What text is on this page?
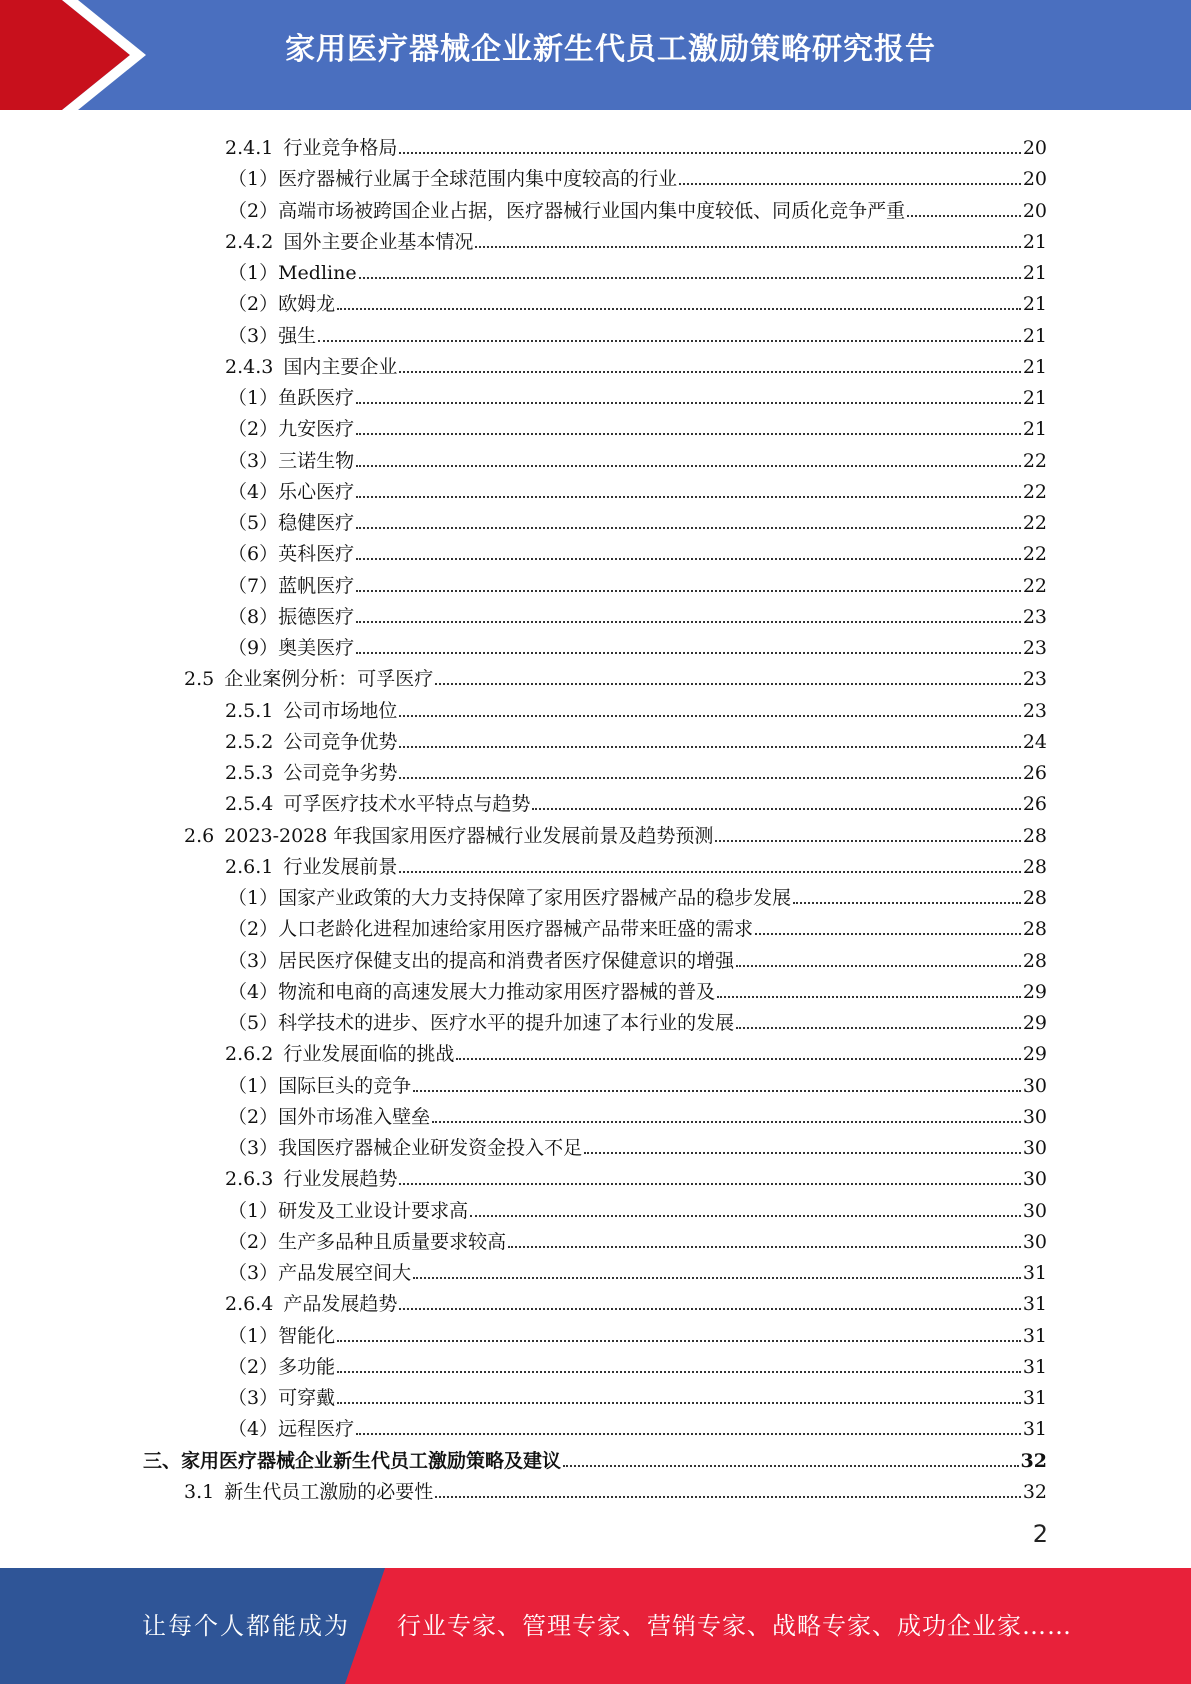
家用医疗器械企业新生代员工激励策略研究报告
2.4.1 行业竞争格局	20
（1） 医疗器械行业属于全球范围内集中度较高的行业	20
（2） 高端市场被跨国企业占据，医疗器械行业国内集中度较低、同质化竞争严重	20
2.4.2 国外主要企业基本情况	21
（1） Medline	21
（2） 欧姆龙	21
（3） 强生	21
2.4.3 国内主要企业	21
（1） 鱼跃医疗	21
（2） 九安医疗	21
（3） 三诺生物	22
（4） 乐心医疗	22
（5） 稳健医疗	22
（6） 英科医疗	22
（7） 蓝帆医疗	22
（8） 振德医疗	23
（9） 奥美医疗	23
2.5 企业案例分析：可孚医疗	23
2.5.1 公司市场地位	23
2.5.2 公司竞争优势	24
2.5.3 公司竞争劣势	26
2.5.4 可孚医疗技术水平特点与趋势	26
2.6 2023-2028 年我国家用医疗器械行业发展前景及趋势预测	28
2.6.1 行业发展前景	28
（1） 国家产业政策的大力支持保障了家用医疗器械产品的稳步发展	28
（2） 人口老龄化进程加速给家用医疗器械产品带来旺盛的需求	28
（3） 居民医疗保健支出的提高和消费者医疗保健意识的增强	28
（4） 物流和电商的高速发展大力推动家用医疗器械的普及	29
（5） 科学技术的进步、医疗水平的提升加速了本行业的发展	29
2.6.2 行业发展面临的挑战	29
（1） 国际巨头的竞争	30
（2） 国外市场准入壁垒	30
（3） 我国医疗器械企业研发资金投入不足	30
2.6.3 行业发展趋势	30
（1） 研发及工业设计要求高	30
（2） 生产多品种且质量要求较高	30
（3） 产品发展空间大	31
2.6.4 产品发展趋势	31
（1） 智能化	31
（2） 多功能	31
（3） 可穿戴	31
（4） 远程医疗	31
三、 家用医疗器械企业新生代员工激励策略及建议	32
3.1 新生代员工激励的必要性	32
2
让每个人都能成为 行业专家、管理专家、营销专家、战略专家、成功企业家……
